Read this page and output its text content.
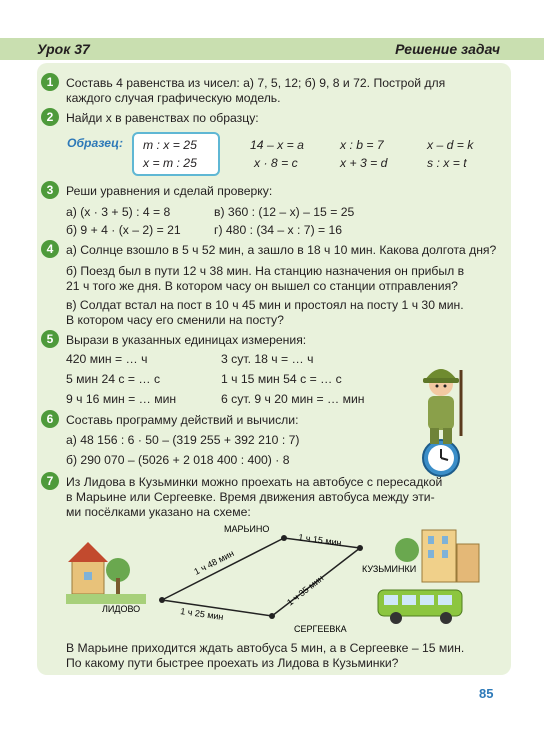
Урок 37	Решение задач
1	Составь 4 равенства из чисел: а) 7, 5, 12; б) 9, 8 и 72. Построй для
каждого случая графическую модель.
2	Найди x в равенствах по образцу:
Образец: m : x = 25
x = m : 25
14 – x = a	x : b = 7	x – d = k
x · 8 = c	x + 3 = d	s : x = t
3	Реши уравнения и сделай проверку:
а) (x · 3 + 5) : 4 = 8	в) 360 : (12 – x) – 15 = 25
б) 9 + 4 · (x – 2) = 21	г) 480 : (34 – x : 7) = 16
4	а) Солнце взошло в 5 ч 52 мин, а зашло в 18 ч 10 мин. Какова долгота дня?
б) Поезд был в пути 12 ч 38 мин. На станцию назначения он прибыл в
21 ч того же дня. В котором часу он вышел со станции отправления?
в) Солдат встал на пост в 10 ч 45 мин и простоял на посту 1 ч 30 мин.
В котором часу его сменили на посту?
5	Вырази в указанных единицах измерения:
420 мин = … ч	3 сут. 18 ч = … ч
5 мин 24 с = … с	1 ч 15 мин 54 с = … с
9 ч 16 мин = … мин	6 сут. 9 ч 20 мин = … мин
6	Составь программу действий и вычисли:
а) 48 156 : 6 · 50 – (319 255 + 392 210 : 7)
б) 290 070 – (5026 + 2 018 400 : 400) · 8
7	Из Лидова в Кузьминки можно проехать на автобусе с пересадкой
в Марьине или Сергеевке. Время движения автобуса между эти-
ми посёлками указано на схеме:
МАРЬИНО
ЛИДОВО
СЕРГЕЕВКА
КУЗЬМИНКИ
1 ч 48 мин
1 ч 15 мин
1 ч 25 мин
1 ч 35 мин
В Марьине приходится ждать автобуса 5 мин, а в Сергеевке – 15 мин.
По какому пути быстрее проехать из Лидова в Кузьминки?
85
